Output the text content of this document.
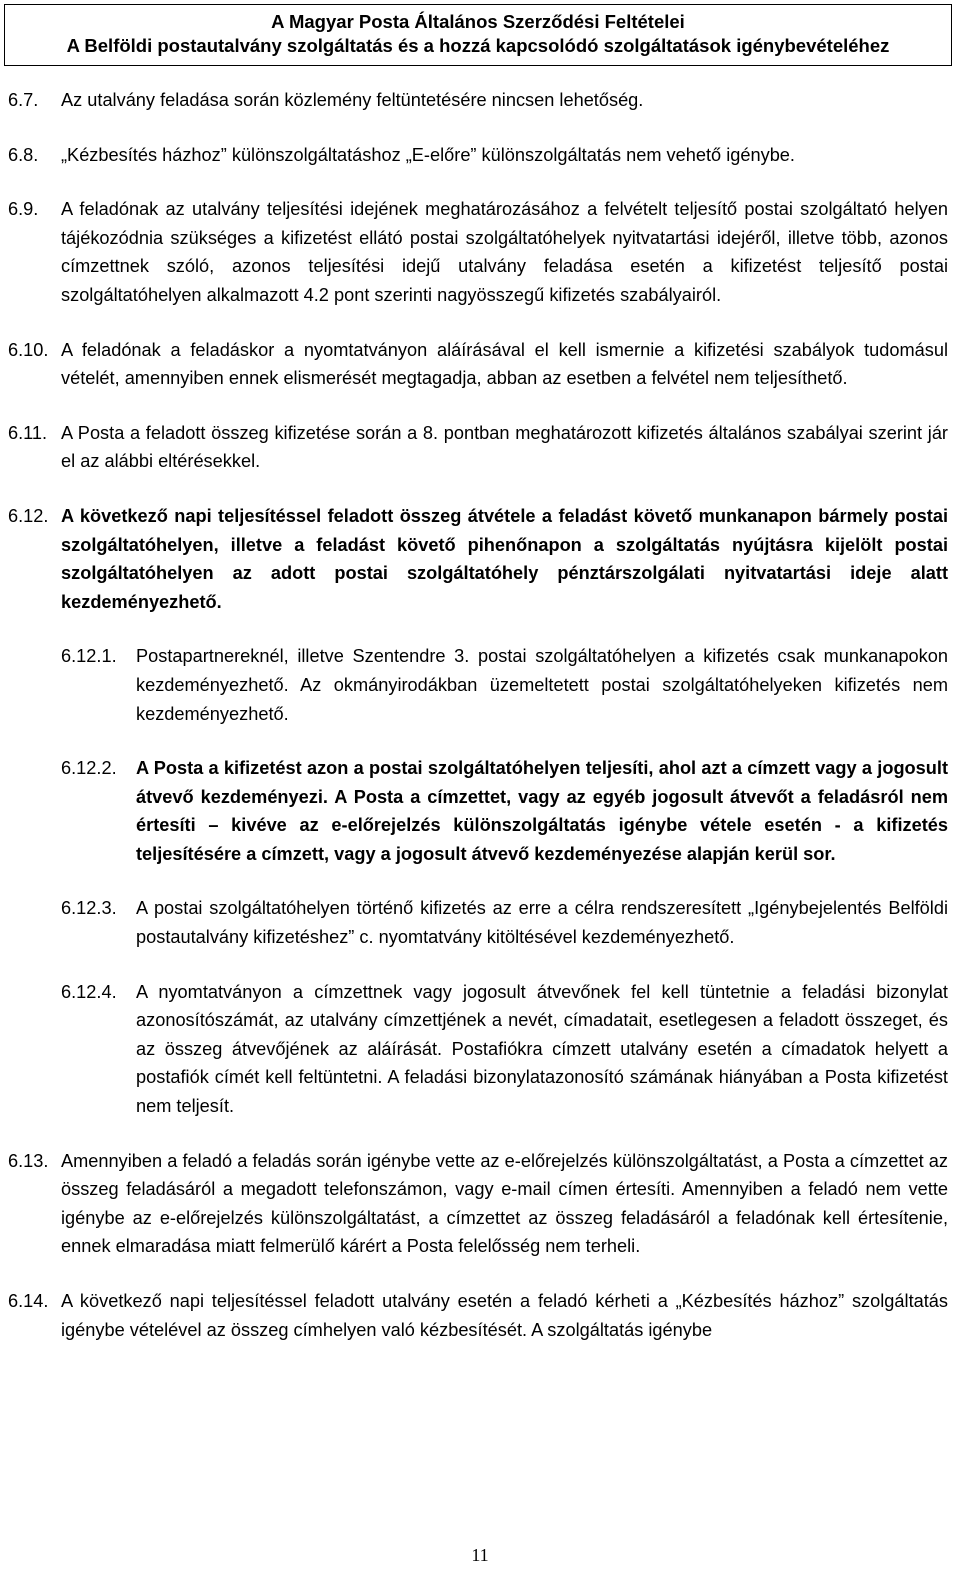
A Magyar Posta Általános Szerződési Feltételei
A Belföldi postautalvány szolgáltatás és a hozzá kapcsolódó szolgáltatások igénybevételéhez
6.7. Az utalvány feladása során közlemény feltüntetésére nincsen lehetőség.
6.8. „Kézbesítés házhoz” különszolgáltatáshoz „E-előre” különszolgáltatás nem vehető igénybe.
6.9. A feladónak az utalvány teljesítési idejének meghatározásához a felvételt teljesítő postai szolgáltató helyen tájékozódnia szükséges a kifizetést ellátó postai szolgáltatóhelyek nyitvatartási idejéről, illetve több, azonos címzettnek szóló, azonos teljesítési idejű utalvány feladása esetén a kifizetést teljesítő postai szolgáltatóhelyen alkalmazott 4.2 pont szerinti nagyösszegű kifizetés szabályairól.
6.10. A feladónak a feladáskor a nyomtatványon aláírásával el kell ismernie a kifizetési szabályok tudomásul vételét, amennyiben ennek elismerését megtagadja, abban az esetben a felvétel nem teljesíthető.
6.11. A Posta a feladott összeg kifizetése során a 8. pontban meghatározott kifizetés általános szabályai szerint jár el az alábbi eltérésekkel.
6.12. A következő napi teljesítéssel feladott összeg átvétele a feladást követő munkanapon bármely postai szolgáltatóhelyen, illetve a feladást követő pihenőnapon a szolgáltatás nyújtásra kijelölt postai szolgáltatóhelyen az adott postai szolgáltatóhely pénztárszolgálati nyitvatartási ideje alatt kezdeményezhető.
6.12.1. Postapartnereknél, illetve Szentendre 3. postai szolgáltatóhelyen a kifizetés csak munkanapokon kezdeményezhető. Az okmányirodákban üzemeltetett postai szolgáltatóhelyeken kifizetés nem kezdeményezhető.
6.12.2. A Posta a kifizetést azon a postai szolgáltatóhelyen teljesíti, ahol azt a címzett vagy a jogosult átvevő kezdeményezi. A Posta a címzettet, vagy az egyéb jogosult átvevőt a feladásról nem értesíti – kivéve az e-előrejelzés különszolgáltatás igénybe vétele esetén - a kifizetés teljesítésére a címzett, vagy a jogosult átvevő kezdeményezése alapján kerül sor.
6.12.3. A postai szolgáltatóhelyen történő kifizetés az erre a célra rendszeresített „Igénybejelentés Belföldi postautalvány kifizetéshez” c. nyomtatvány kitöltésével kezdeményezhető.
6.12.4. A nyomtatványon a címzettnek vagy jogosult átvevőnek fel kell tüntetnie a feladási bizonylat azonosítószámát, az utalvány címzettjének a nevét, címadatait, esetlegesen a feladott összeget, és az összeg átvevőjének az aláírását. Postafiókra címzett utalvány esetén a címadatok helyett a postafiók címét kell feltüntetni. A feladási bizonylatazonosító számának hiányában a Posta kifizetést nem teljesít.
6.13. Amennyiben a feladó a feladás során igénybe vette az e-előrejelzés különszolgáltatást, a Posta a címzettet az összeg feladásáról a megadott telefonszámon, vagy e-mail címen értesíti. Amennyiben a feladó nem vette igénybe az e-előrejelzés különszolgáltatást, a címzettet az összeg feladásáról a feladónak kell értesítenie, ennek elmaradása miatt felmerülő kárért a Posta felelősség nem terheli.
6.14. A következő napi teljesítéssel feladott utalvány esetén a feladó kérheti a „Kézbesítés házhoz” szolgáltatás igénybe vételével az összeg címhelyen való kézbesítését. A szolgáltatás igénybe
11
